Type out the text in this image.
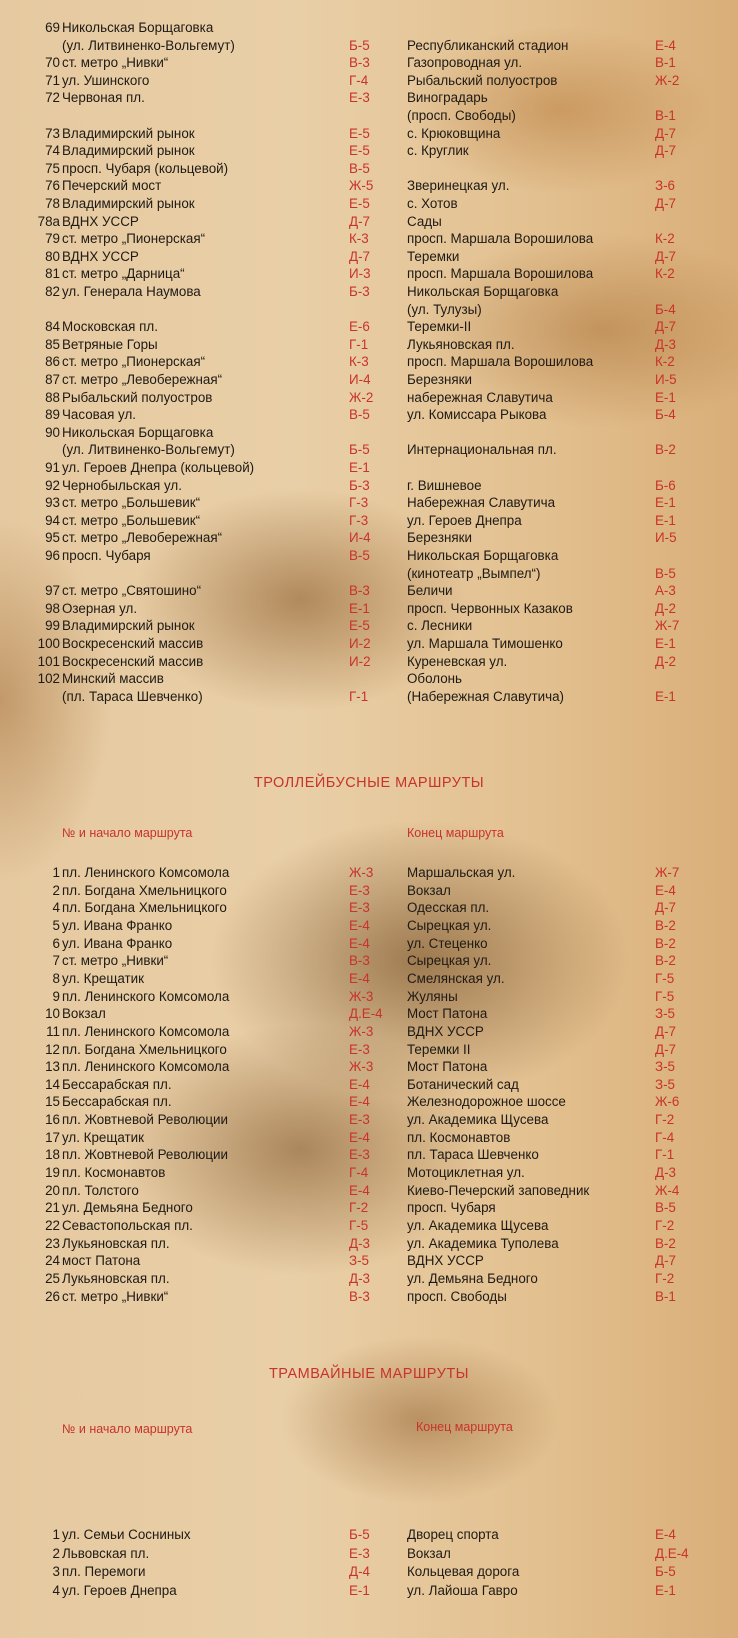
69 Никольская Борщаговка
(ул. Литвиненко-Вольгемут)	Б-5	Республиканский стадион	Е-4
70 ст. метро „Нивки“	В-3	Газопроводная ул.	В-1
71 ул. Ушинского	Г-4	Рыбальский полуостров	Ж-2
72 Червоная пл.	Е-3	Виноградарь
(просп. Свободы)	В-1
73 Владимирский рынок	Е-5	с. Крюковщина	Д-7
74 Владимирский рынок	Е-5	с. Круглик	Д-7
75 просп. Чубаря (кольцевой)	В-5
76 Печерский мост	Ж-5	Зверинецкая ул.	З-6
78 Владимирский рынок	Е-5	с. Хотов	Д-7
78а ВДНХ УССР	Д-7	Сады
79 ст. метро „Пионерская“	К-3	просп. Маршала Ворошилова	К-2
80 ВДНХ УССР	Д-7	Теремки	Д-7
81 ст. метро „Дарница“	И-3	просп. Маршала Ворошилова	К-2
82 ул. Генерала Наумова	Б-3	Никольская Борщаговка
(ул. Тулузы)	Б-4
84 Московская пл.	Е-6	Теремки-II	Д-7
85 Ветряные Горы	Г-1	Лукьяновская пл.	Д-3
86 ст. метро „Пионерская“	К-3	просп. Маршала Ворошилова	К-2
87 ст. метро „Левобережная“	И-4	Березняки	И-5
88 Рыбальский полуостров	Ж-2	набережная Славутича	Е-1
89 Часовая ул.	В-5	ул. Комиссара Рыкова	Б-4
90 Никольская Борщаговка
(ул. Литвиненко-Вольгемут)	Б-5	Интернациональная пл.	В-2
91 ул. Героев Днепра (кольцевой)	Е-1
92 Чернобыльская ул.	Б-3	г. Вишневое	Б-6
93 ст. метро „Большевик“	Г-3	Набережная Славутича	Е-1
94 ст. метро „Большевик“	Г-3	ул. Героев Днепра	Е-1
95 ст. метро „Левобережная“	И-4	Березняки	И-5
96 просп. Чубаря	В-5	Никольская Борщаговка
(кинотеатр „Вымпел“)	В-5
97 ст. метро „Святошино“	В-3	Беличи	А-3
98 Озерная ул.	Е-1	просп. Червонных Казаков	Д-2
99 Владимирский рынок	Е-5	с. Лесники	Ж-7
100 Воскресенский массив	И-2	ул. Маршала Тимошенко	Е-1
101 Воскресенский массив	И-2	Куреневская ул.	Д-2
102 Минский массив	Оболонь
(пл. Тараса Шевченко)	Г-1	(Набережная Славутича)	Е-1
ТРОЛЛЕЙБУСНЫЕ МАРШРУТЫ
№ и начало маршрута	Конец маршрута
1 пл. Ленинского Комсомола	Ж-3	Маршальская ул.	Ж-7
2 пл. Богдана Хмельницкого	Е-3	Вокзал	Е-4
4 пл. Богдана Хмельницкого	Е-3	Одесская пл.	Д-7
5 ул. Ивана Франко	Е-4	Сырецкая ул.	В-2
6 ул. Ивана Франко	Е-4	ул. Стеценко	В-2
7 ст. метро „Нивки“	В-3	Сырецкая ул.	В-2
8 ул. Крещатик	Е-4	Смелянская ул.	Г-5
9 пл. Ленинского Комсомола	Ж-3	Жуляны	Г-5
10 Вокзал	Д.Е-4 Мост Патона	З-5
11 пл. Ленинского Комсомола	Ж-3	ВДНХ УССР	Д-7
12 пл. Богдана Хмельницкого	Е-3	Теремки II	Д-7
13 пл. Ленинского Комсомола	Ж-3	Мост Патона	З-5
14 Бессарабская пл.	Е-4	Ботанический сад	З-5
15 Бессарабская пл.	Е-4	Железнодорожное шоссе	Ж-6
16 пл. Жовтневой Революции	Е-3	ул. Академика Щусева	Г-2
17 ул. Крещатик	Е-4	пл. Космонавтов	Г-4
18 пл. Жовтневой Революции	Е-3	пл. Тараса Шевченко	Г-1
19 пл. Космонавтов	Г-4	Мотоциклетная ул.	Д-3
20 пл. Толстого	Е-4	Киево-Печерский заповедник	Ж-4
21 ул. Демьяна Бедного	Г-2	просп. Чубаря	В-5
22 Севастопольская пл.	Г-5	ул. Академика Щусева	Г-2
23 Лукьяновская пл.	Д-3	ул. Академика Туполева	В-2
24 мост Патона	З-5	ВДНХ УССР	Д-7
25 Лукьяновская пл.	Д-3	ул. Демьяна Бедного	Г-2
26 ст. метро „Нивки“	В-3	просп. Свободы	В-1
ТРАМВАЙНЫЕ МАРШРУТЫ
№ и начало маршрута	Конец маршрута
1 ул. Семьи Сосниных	Б-5	Дворец спорта	Е-4
2 Львовская пл.	Е-3	Вокзал	Д.Е-4
3 пл. Перемоги	Д-4	Кольцевая дорога	Б-5
4 ул. Героев Днепра	Е-1	ул. Лайоша Гавро	Е-1
